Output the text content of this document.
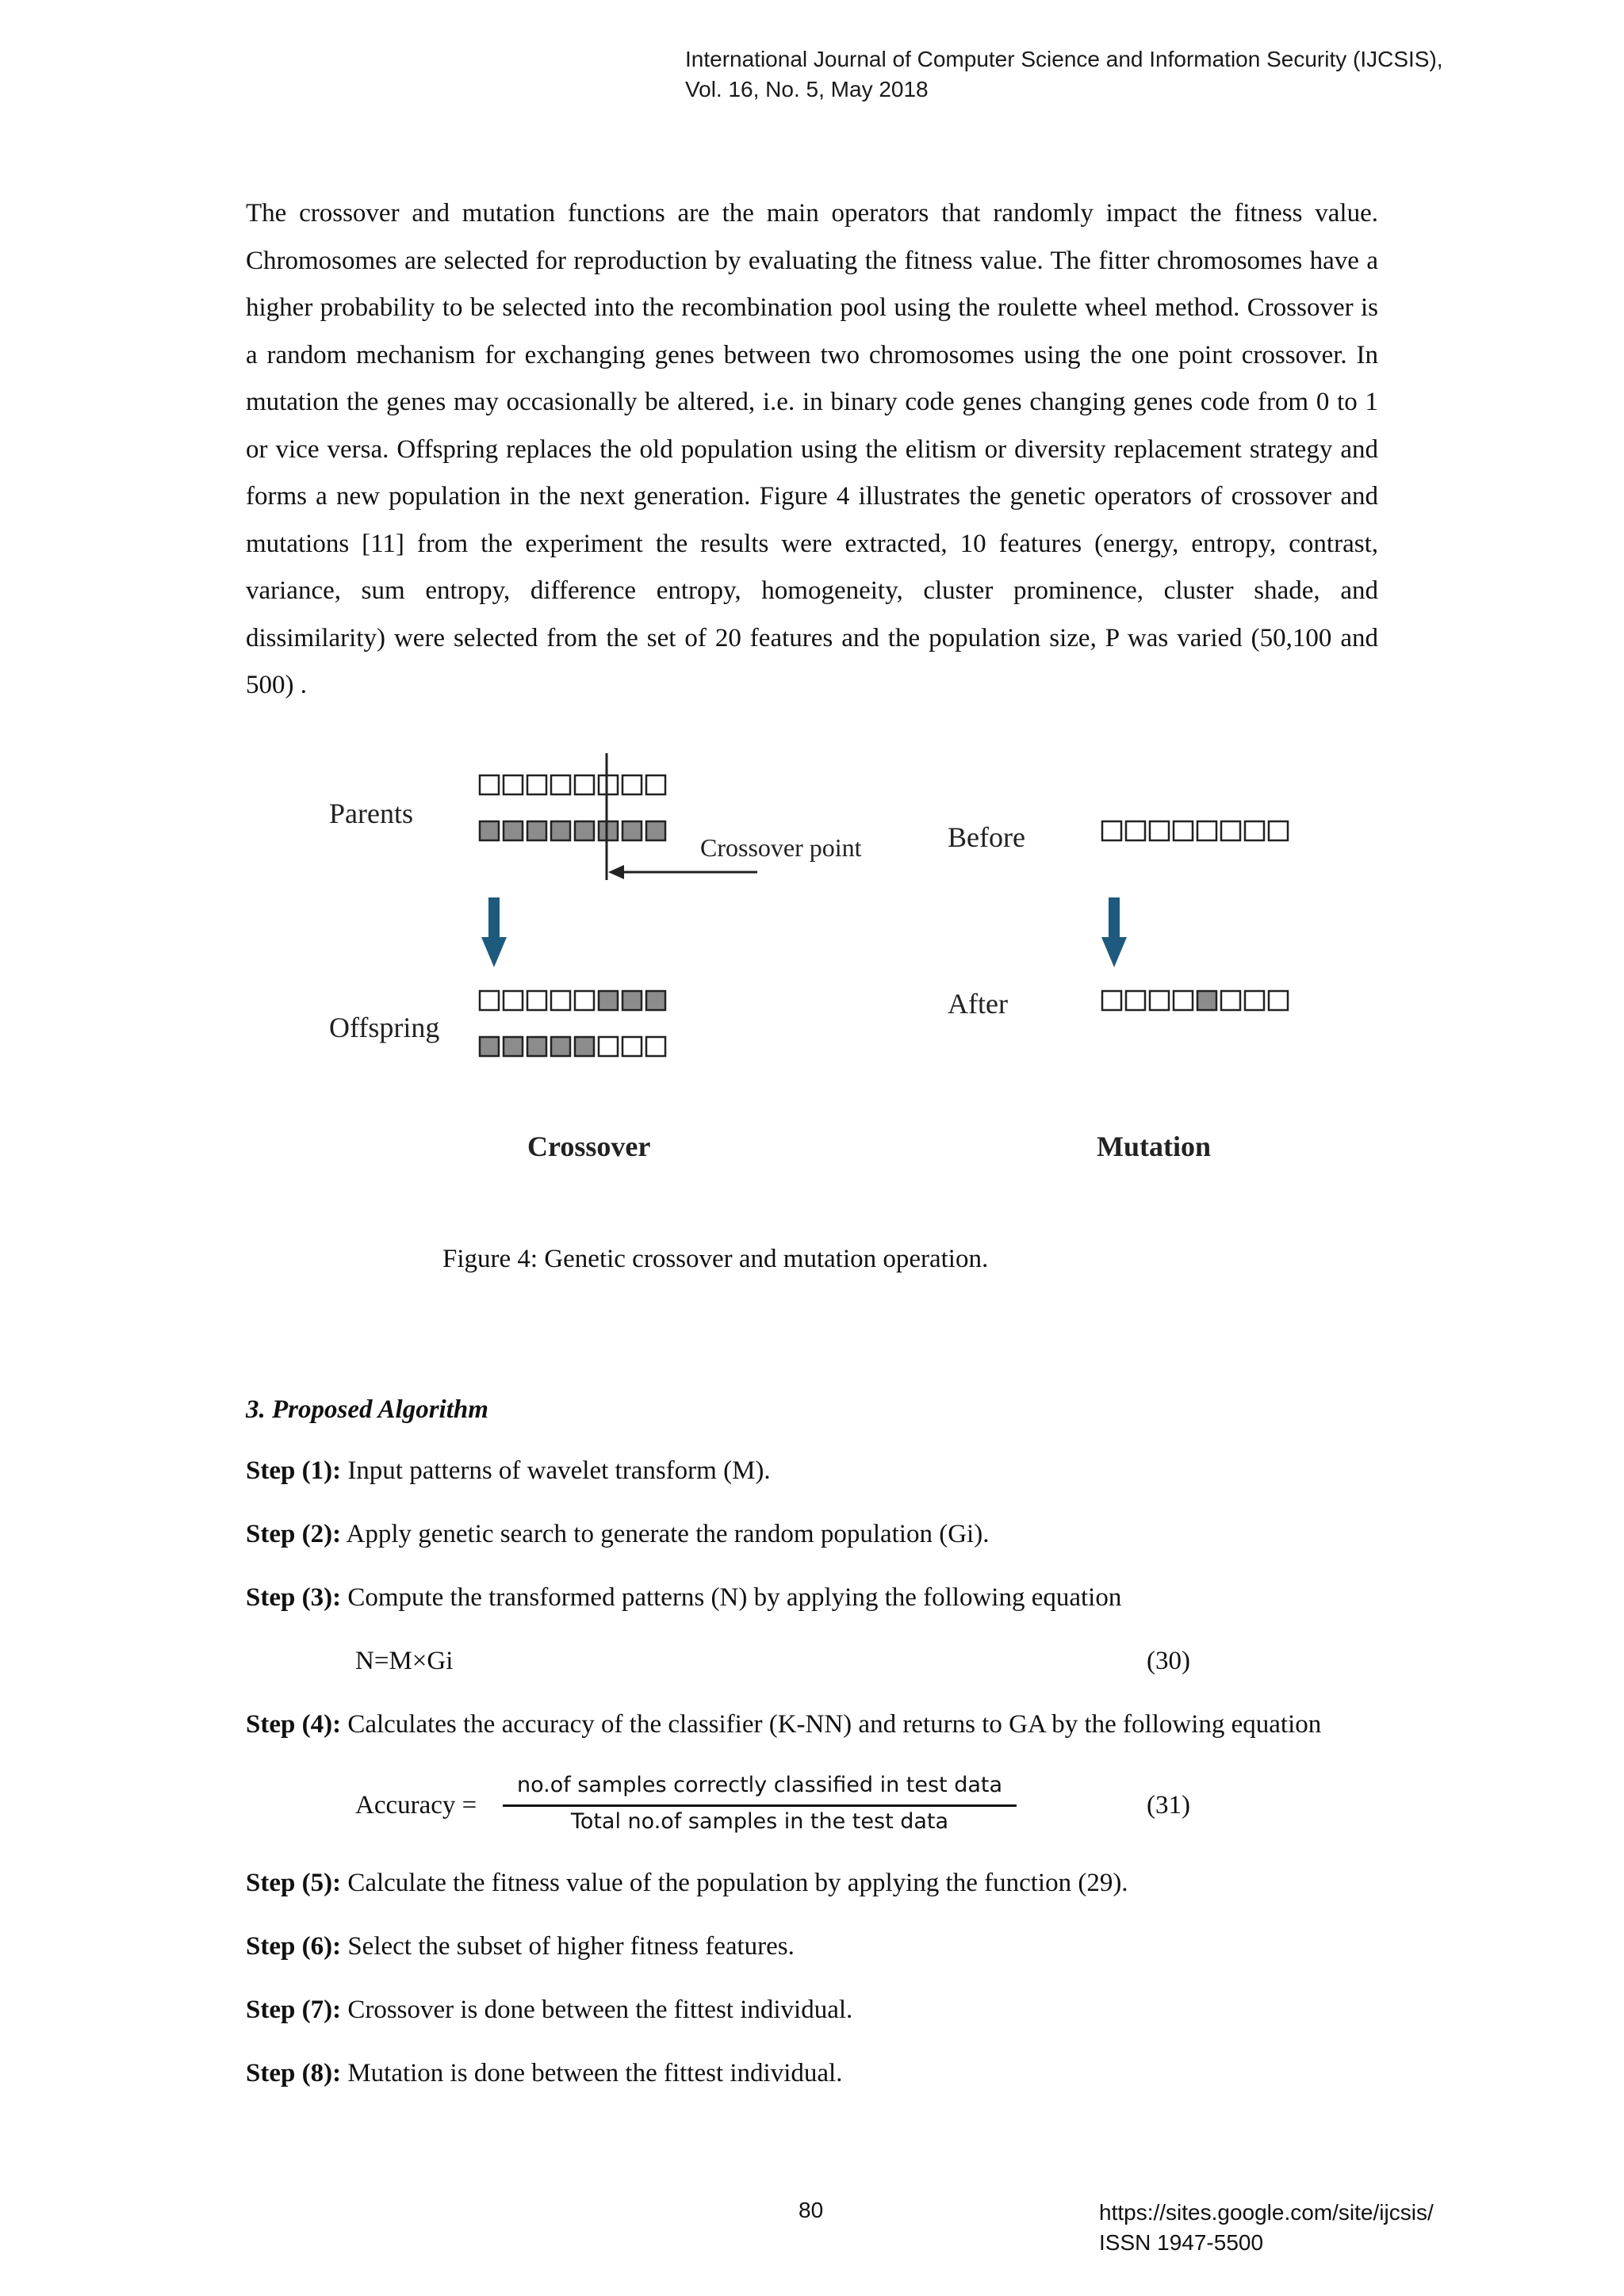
International Journal of Computer Science and Information Security (IJCSIS),
Vol. 16, No. 5, May 2018

The crossover and mutation functions are the main operators that randomly impact the fitness value. Chromosomes are selected for reproduction by evaluating the fitness value. The fitter chromosomes have a higher probability to be selected into the recombination pool using the roulette wheel method. Crossover is a random mechanism for exchanging genes between two chromosomes using the one point crossover. In mutation the genes may occasionally be altered, i.e. in binary code genes changing genes code from 0 to 1 or vice versa. Offspring replaces the old population using the elitism or diversity replacement strategy and forms a new population in the next generation. Figure 4 illustrates the genetic operators of crossover and mutations [11] from the experiment the results were extracted, 10 features (energy, entropy, contrast, variance, sum entropy, difference entropy, homogeneity, cluster prominence, cluster shade, and dissimilarity) were selected from the set of 20 features and the population size, P was varied (50,100 and 500) .

Parents
Offspring
Crossover point	Before
After
Crossover	Mutation
Figure 4: Genetic crossover and mutation operation.
3. Proposed Algorithm
Step (1): Input patterns of wavelet transform (M).
Step (2): Apply genetic search to generate the random population (Gi).
Step (3): Compute the transformed patterns (N) by applying the following equation
N=M×Gi	(30)
Step (4): Calculates the accuracy of the classifier (K-NN) and returns to GA by the following equation
Accuracy =
no.of samples correctly classified in test data
Total no.of samples in the test data
(31)
Step (5): Calculate the fitness value of the population by applying the function (29).
Step (6): Select the subset of higher fitness features.
Step (7): Crossover is done between the fittest individual.
Step (8): Mutation is done between the fittest individual.
80	https://sites.google.com/site/ijcsis/
ISSN 1947-5500
